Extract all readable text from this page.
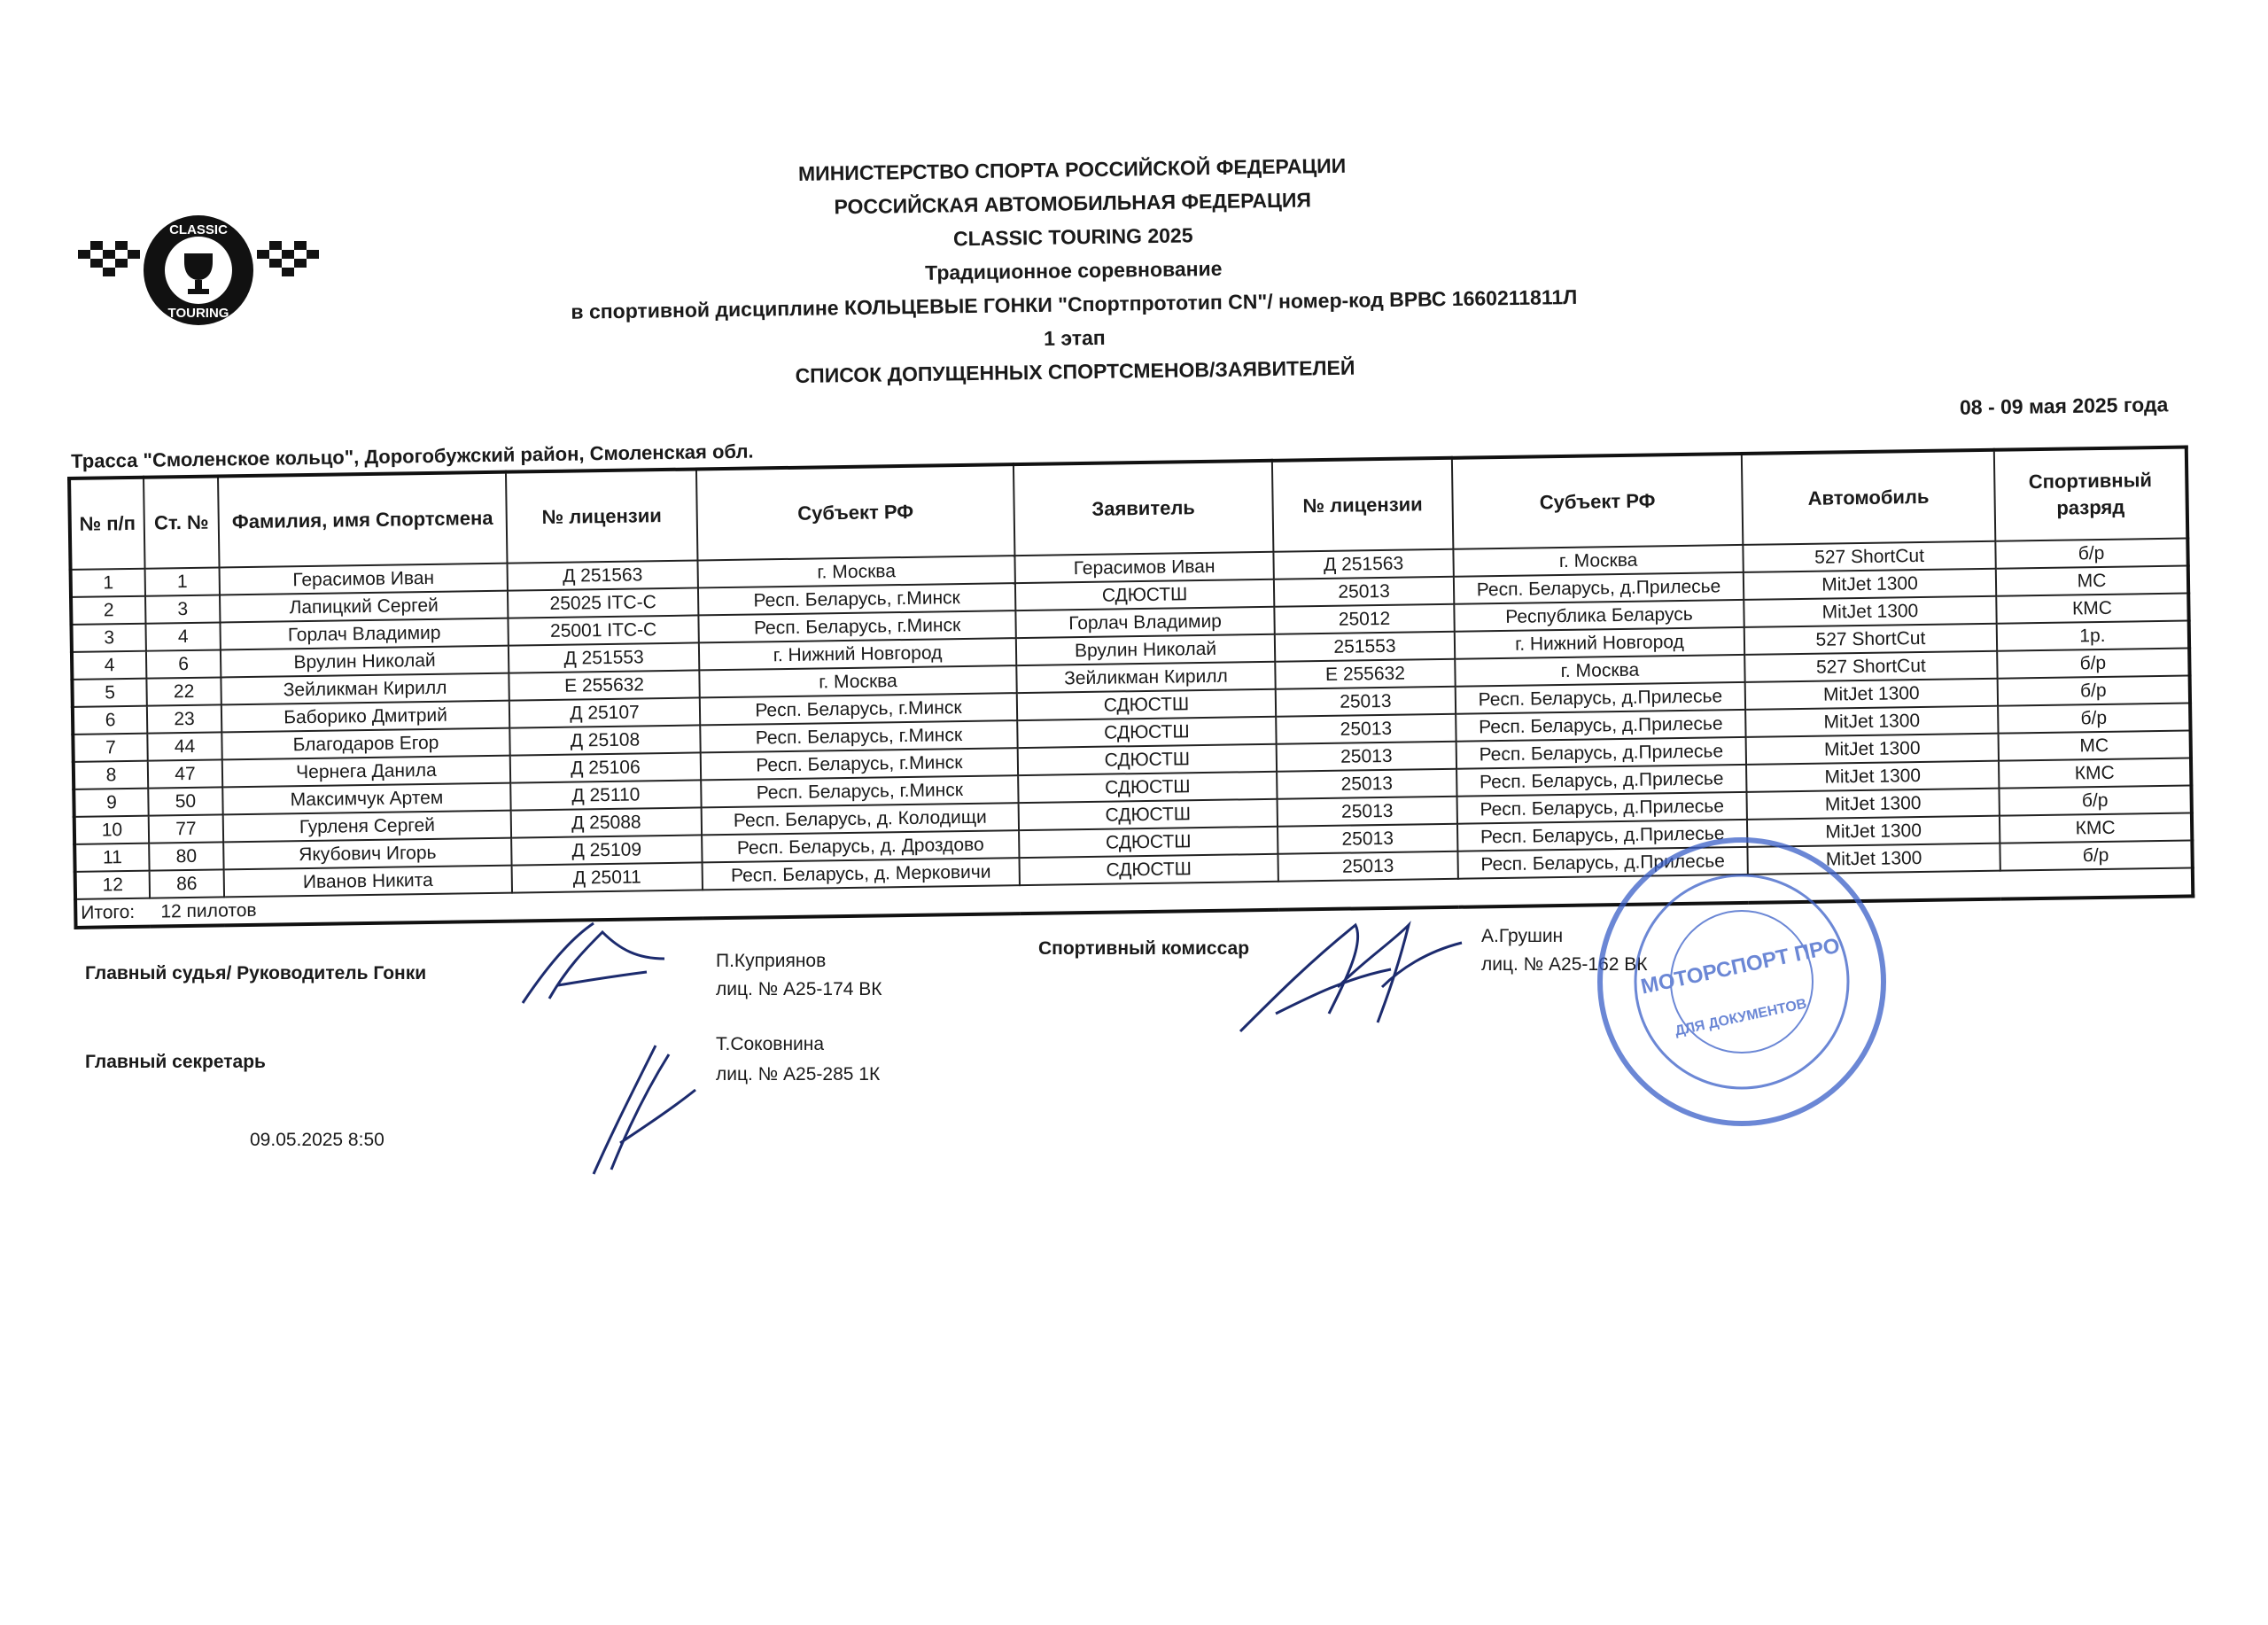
CLASSIC
TOURING
МИНИСТЕРСТВО СПОРТА РОССИЙСКОЙ ФЕДЕРАЦИИ
РОССИЙСКАЯ АВТОМОБИЛЬНАЯ ФЕДЕРАЦИЯ
CLASSIC TOURING 2025
Традиционное соревнование
в спортивной дисциплине КОЛЬЦЕВЫЕ ГОНКИ "Спортпрототип CN"/ номер-код ВРВС 1660211811Л
1 этап
СПИСОК ДОПУЩЕННЫХ СПОРТСМЕНОВ/ЗАЯВИТЕЛЕЙ
08 - 09 мая 2025 года
Трасса "Смоленское кольцо", Дорогобужский район, Смоленская обл.
№ п/п	Ст. №	Фамилия, имя Спортсмена	№ лицензии	Субъект РФ	Заявитель	№ лицензии	Субъект РФ	Автомобиль	Спортивный разряд
1	1	Герасимов Иван	Д 251563	г. Москва	Герасимов Иван	Д 251563	г. Москва	527 ShortCut	б/р
2	3	Лапицкий Сергей	25025 ITC-C	Респ. Беларусь, г.Минск	СДЮСТШ	25013	Респ. Беларусь, д.Прилесье	MitJet 1300	МС
3	4	Горлач Владимир	25001 ITC-C	Респ. Беларусь, г.Минск	Горлач Владимир	25012	Республика Беларусь	MitJet 1300	КМС
4	6	Врулин Николай	Д 251553	г. Нижний Новгород	Врулин Николай	251553	г. Нижний Новгород	527 ShortCut	1р.
5	22	Зейликман Кирилл	E 255632	г. Москва	Зейликман Кирилл	E 255632	г. Москва	527 ShortCut	б/р
6	23	Баборико Дмитрий	Д 25107	Респ. Беларусь, г.Минск	СДЮСТШ	25013	Респ. Беларусь, д.Прилесье	MitJet 1300	б/р
7	44	Благодаров Егор	Д 25108	Респ. Беларусь, г.Минск	СДЮСТШ	25013	Респ. Беларусь, д.Прилесье	MitJet 1300	б/р
8	47	Чернега Данила	Д 25106	Респ. Беларусь, г.Минск	СДЮСТШ	25013	Респ. Беларусь, д.Прилесье	MitJet 1300	МС
9	50	Максимчук Артем	Д 25110	Респ. Беларусь, г.Минск	СДЮСТШ	25013	Респ. Беларусь, д.Прилесье	MitJet 1300	КМС
10	77	Гурленя Сергей	Д 25088	Респ. Беларусь, д. Колодищи	СДЮСТШ	25013	Респ. Беларусь, д.Прилесье	MitJet 1300	б/р
11	80	Якубович Игорь	Д 25109	Респ. Беларусь, д. Дроздово	СДЮСТШ	25013	Респ. Беларусь, д.Прилесье	MitJet 1300	КМС
12	86	Иванов Никита	Д 25011	Респ. Беларусь, д. Мерковичи	СДЮСТШ	25013	Респ. Беларусь, д.Прилесье	MitJet 1300	б/р
Итого: 12 пилотов									
Главный судья/ Руководитель Гонки
П.Куприянов
лиц. № А25-174 ВК
Главный секретарь
Т.Соковнина
лиц. № А25-285 1К
Спортивный комиссар
А.Грушин
лиц. № А25-162 ВК
09.05.2025 8:50
МОТОРСПОРТ ПРО
ДЛЯ ДОКУМЕНТОВ
